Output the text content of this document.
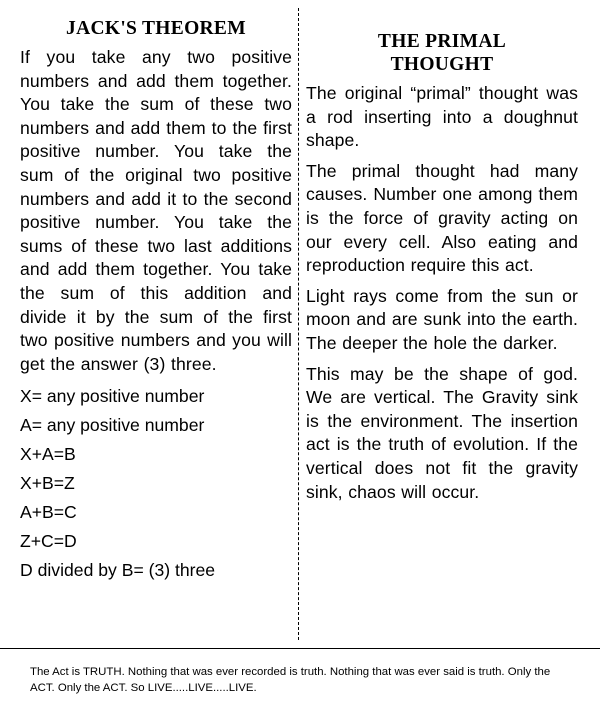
JACK'S THEOREM

If you take any two positive numbers and add them together. You take the sum of these two numbers and add them to the first positive number. You take the sum of the original two positive numbers and add it to the second positive number. You take the sums of these two last additions and add them together. You take the sum of this addition and divide it by the sum of the first two positive numbers and you will get the answer (3) three.

X= any positive number
A= any positive number
X+A=B
X+B=Z
A+B=C
Z+C=D
D divided by B= (3) three
THE PRIMAL
THOUGHT

The original “primal” thought was a rod inserting into a doughnut shape.

The primal thought had many causes. Number one among them is the force of gravity acting on our every cell. Also eating and reproduction require this act.

Light rays come from the sun or moon and are sunk into the earth. The deeper the hole the darker.

This may be the shape of god. We are vertical. The Gravity sink is the environment. The insertion act is the truth of evolution. If the vertical does not fit the gravity sink, chaos will occur.

The Act is TRUTH. Nothing that was ever recorded is truth. Nothing that was ever said is truth. Only the ACT. Only the ACT. So LIVE.....LIVE.....LIVE.
